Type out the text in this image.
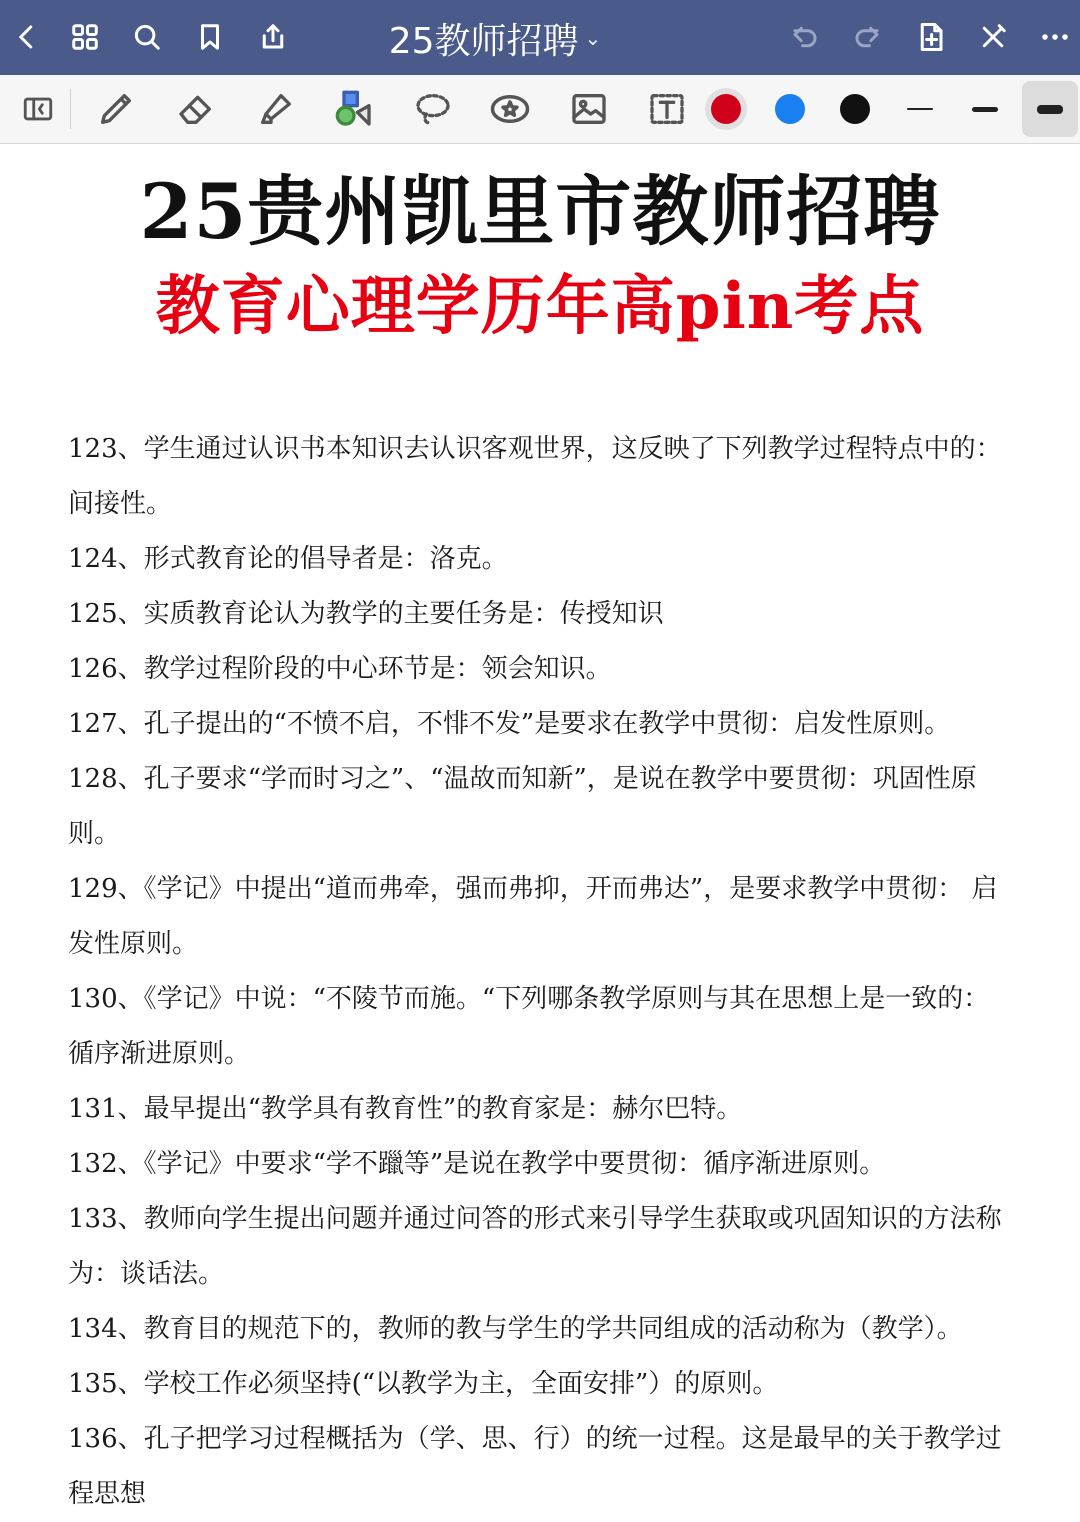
25教师招聘 ⌄
25贵州凯里市教师招聘
教育心理学历年高pin考点

123、学生通过认识书本知识去认识客观世界，这反映了下列教学过程特点中的：间接性。

124、形式教育论的倡导者是：洛克。

125、实质教育论认为教学的主要任务是：传授知识

126、教学过程阶段的中心环节是：领会知识。

127、孔子提出的“不愤不启，不悱不发”是要求在教学中贯彻：启发性原则。

128、孔子要求“学而时习之”、“温故而知新”，是说在教学中要贯彻：巩固性原则。

129、《学记》中提出“道而弗牵，强而弗抑，开而弗达”，是要求教学中贯彻： 启发性原则。

130、《学记》中说：“不陵节而施。“下列哪条教学原则与其在思想上是一致的： 循序渐进原则。

131、最早提出“教学具有教育性”的教育家是：赫尔巴特。

132、《学记》中要求“学不躐等”是说在教学中要贯彻：循序渐进原则。

133、教师向学生提出问题并通过问答的形式来引导学生获取或巩固知识的方法称为：谈话法。

134、教育目的规范下的，教师的教与学生的学共同组成的活动称为（教学）。

135、学校工作必须坚持(“以教学为主，全面安排”）的原则。

136、孔子把学习过程概括为（学、思、行）的统一过程。这是最早的关于教学过程思想
